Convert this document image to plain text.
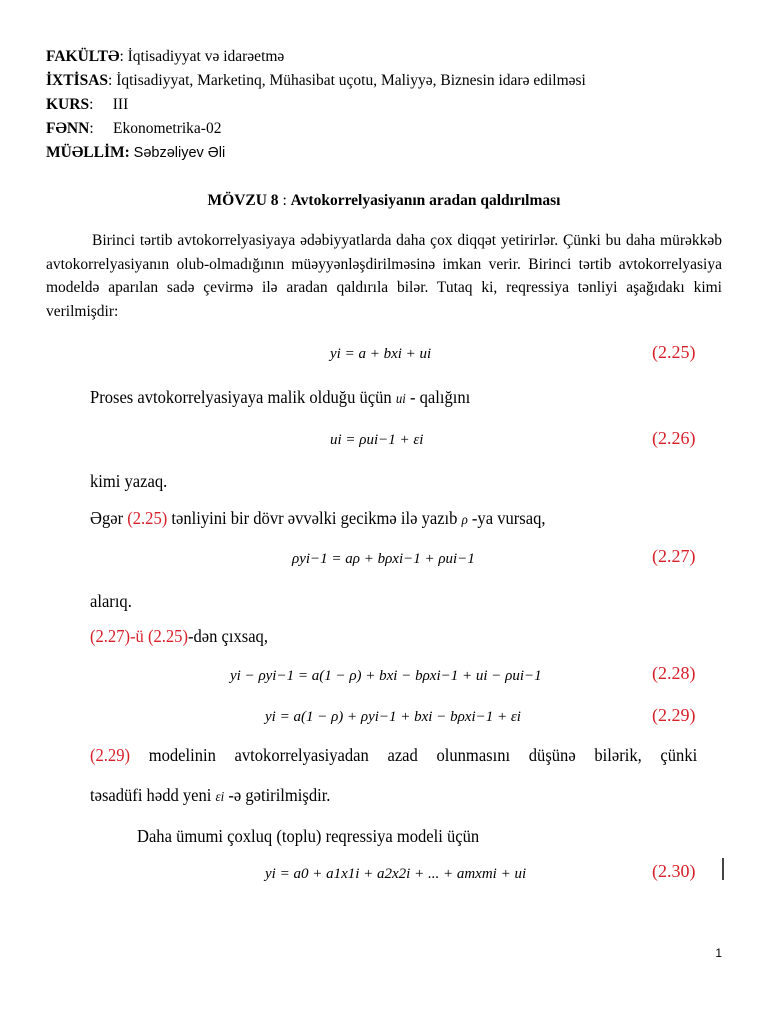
FAKÜLTƏ: İqtisadiyyat və idarəetmə
İXTİSAS: İqtisadiyyat, Marketinq, Mühasibat uçotu, Maliyyə, Biznesin idarə edilməsi
KURS:     III
FƏNN:     Ekonometrika-02
MÜƏLLİM: Səbzəliyev Əli
MÖVZU 8 : Avtokorrelyasiyanın aradan qaldırılması

Birinci tərtib avtokorrelyasiyaya ədəbiyyatlarda daha çox diqqət yetirirlər. Çünki bu daha mürəkkəb avtokorrelyasiyanın olub-olmadığının müəyyənləşdirilməsinə imkan verir. Birinci tərtib avtokorrelyasiya modeldə aparılan sadə çevirmə ilə aradan qaldırıla bilər. Tutaq ki, reqressiya tənliyi aşağıdakı kimi verilmişdir:

yi = a + bxi + ui	(2.25)
Proses avtokorrelyasiyaya malik olduğu üçün ui - qalığını
ui = ρui−1 + εi	(2.26)
kimi yazaq.
Əgər (2.25) tənliyini bir dövr əvvəlki gecikmə ilə yazıb ρ -ya vursaq,
ρyi−1 = aρ + bρxi−1 + ρui−1	(2.27)
alarıq.
(2.27)-ü (2.25)-dən çıxsaq,
yi − ρyi−1 = a(1 − ρ) + bxi − bρxi−1 + ui − ρui−1	(2.28)
yi = a(1 − ρ) + ρyi−1 + bxi − bρxi−1 + εi	(2.29)
(2.29) modelinin avtokorrelyasiyadan azad olunmasını düşünə bilərik, çünki
təsadüfi hədd yeni εi -ə gətirilmişdir.
Daha ümumi çoxluq (toplu) reqressiya modeli üçün
yi = a0 + a1x1i + a2x2i + ... + amxmi + ui	(2.30)
1
